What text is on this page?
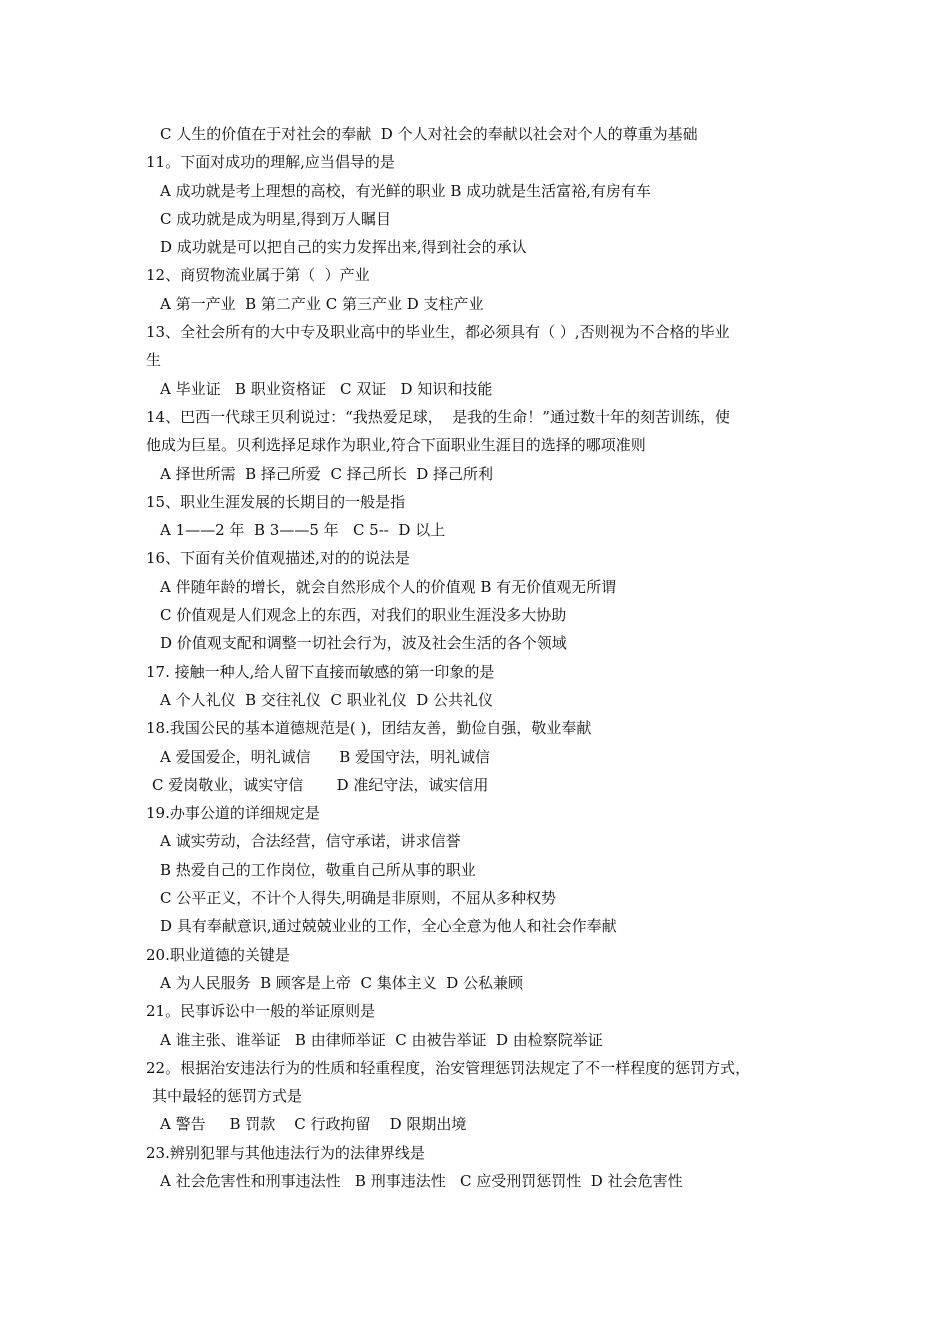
C 人生的价值在于对社会的奉献  D 个人对社会的奉献以社会对个人的尊重为基础
11。下面对成功的理解,应当倡导的是
A 成功就是考上理想的高校，有光鲜的职业 B 成功就是生活富裕,有房有车
C 成功就是成为明星,得到万人瞩目
D 成功就是可以把自己的实力发挥出来,得到社会的承认
12、商贸物流业属于第（  ）产业
A 第一产业  B 第二产业 C 第三产业 D 支柱产业
13、全社会所有的大中专及职业高中的毕业生，都必须具有（ ）,否则视为不合格的毕业
生
A 毕业证   B 职业资格证   C 双证   D 知识和技能
14、巴西一代球王贝利说过：“我热爱足球，  是我的生命！”通过数十年的刻苦训练，使
他成为巨星。贝利选择足球作为职业,符合下面职业生涯目的选择的哪项准则
A 择世所需  B 择己所爱  C 择己所长  D 择己所利
15、职业生涯发展的长期目的一般是指
A 1——2 年  B 3——5 年   C 5--  D 以上
16、下面有关价值观描述,对的的说法是
A 伴随年龄的增长，就会自然形成个人的价值观 B 有无价值观无所谓
C 价值观是人们观念上的东西，对我们的职业生涯没多大协助
D 价值观支配和调整一切社会行为，波及社会生活的各个领域
17. 接触一种人,给人留下直接而敏感的第一印象的是
A 个人礼仪  B 交往礼仪  C 职业礼仪  D 公共礼仪
18.我国公民的基本道德规范是( )，团结友善，勤俭自强，敬业奉献
A 爱国爱企，明礼诚信      B 爱国守法，明礼诚信
C 爱岗敬业，诚实守信       D 准纪守法，诚实信用
19.办事公道的详细规定是
A 诚实劳动，合法经营，信守承诺，讲求信誉
B 热爱自己的工作岗位，敬重自己所从事的职业
C 公平正义，不计个人得失,明确是非原则，不屈从多种权势
D 具有奉献意识,通过兢兢业业的工作，全心全意为他人和社会作奉献
20.职业道德的关键是
A 为人民服务  B 顾客是上帝  C 集体主义  D 公私兼顾
21。民事诉讼中一般的举证原则是
A 谁主张、谁举证   B 由律师举证  C 由被告举证  D 由检察院举证
22。根据治安违法行为的性质和轻重程度，治安管理惩罚法规定了不一样程度的惩罚方式，
其中最轻的惩罚方式是
A 警告     B 罚款    C 行政拘留    D 限期出境
23.辨别犯罪与其他违法行为的法律界线是
A 社会危害性和刑事违法性   B 刑事违法性   C 应受刑罚惩罚性  D 社会危害性
